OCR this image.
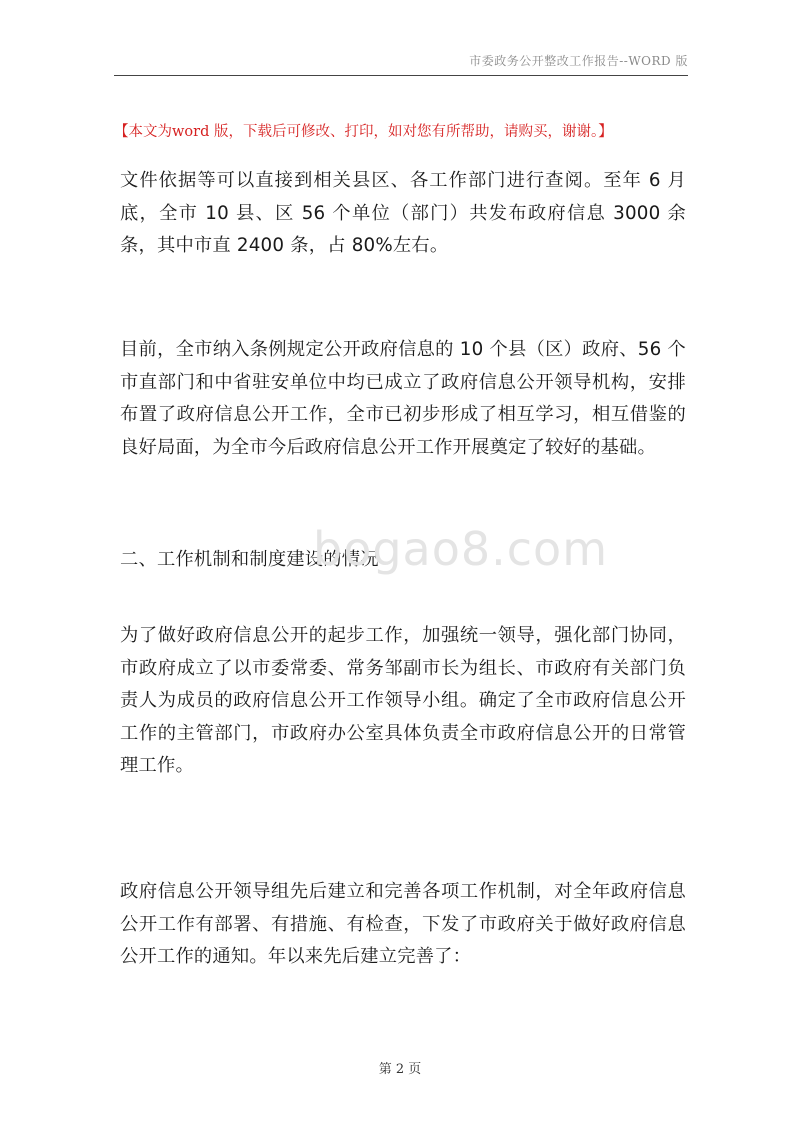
市委政务公开整改工作报告--WORD 版
【本文为word 版，下载后可修改、打印，如对您有所帮助，请购买，谢谢。】
文件依据等可以直接到相关县区、各工作部门进行查阅。至年 6 月底，全市 10 县、区 56 个单位（部门）共发布政府信息 3000 余条，其中市直 2400 条，占 80%左右。
目前，全市纳入条例规定公开政府信息的 10 个县（区）政府、56 个市直部门和中省驻安单位中均已成立了政府信息公开领导机构，安排布置了政府信息公开工作，全市已初步形成了相互学习，相互借鉴的良好局面，为全市今后政府信息公开工作开展奠定了较好的基础。
二、工作机制和制度建设的情况
bogao8.com
为了做好政府信息公开的起步工作，加强统一领导，强化部门协同，市政府成立了以市委常委、常务邹副市长为组长、市政府有关部门负责人为成员的政府信息公开工作领导小组。确定了全市政府信息公开工作的主管部门，市政府办公室具体负责全市政府信息公开的日常管理工作。
政府信息公开领导组先后建立和完善各项工作机制，对全年政府信息公开工作有部署、有措施、有检查，下发了市政府关于做好政府信息公开工作的通知。年以来先后建立完善了：
第 2 页
